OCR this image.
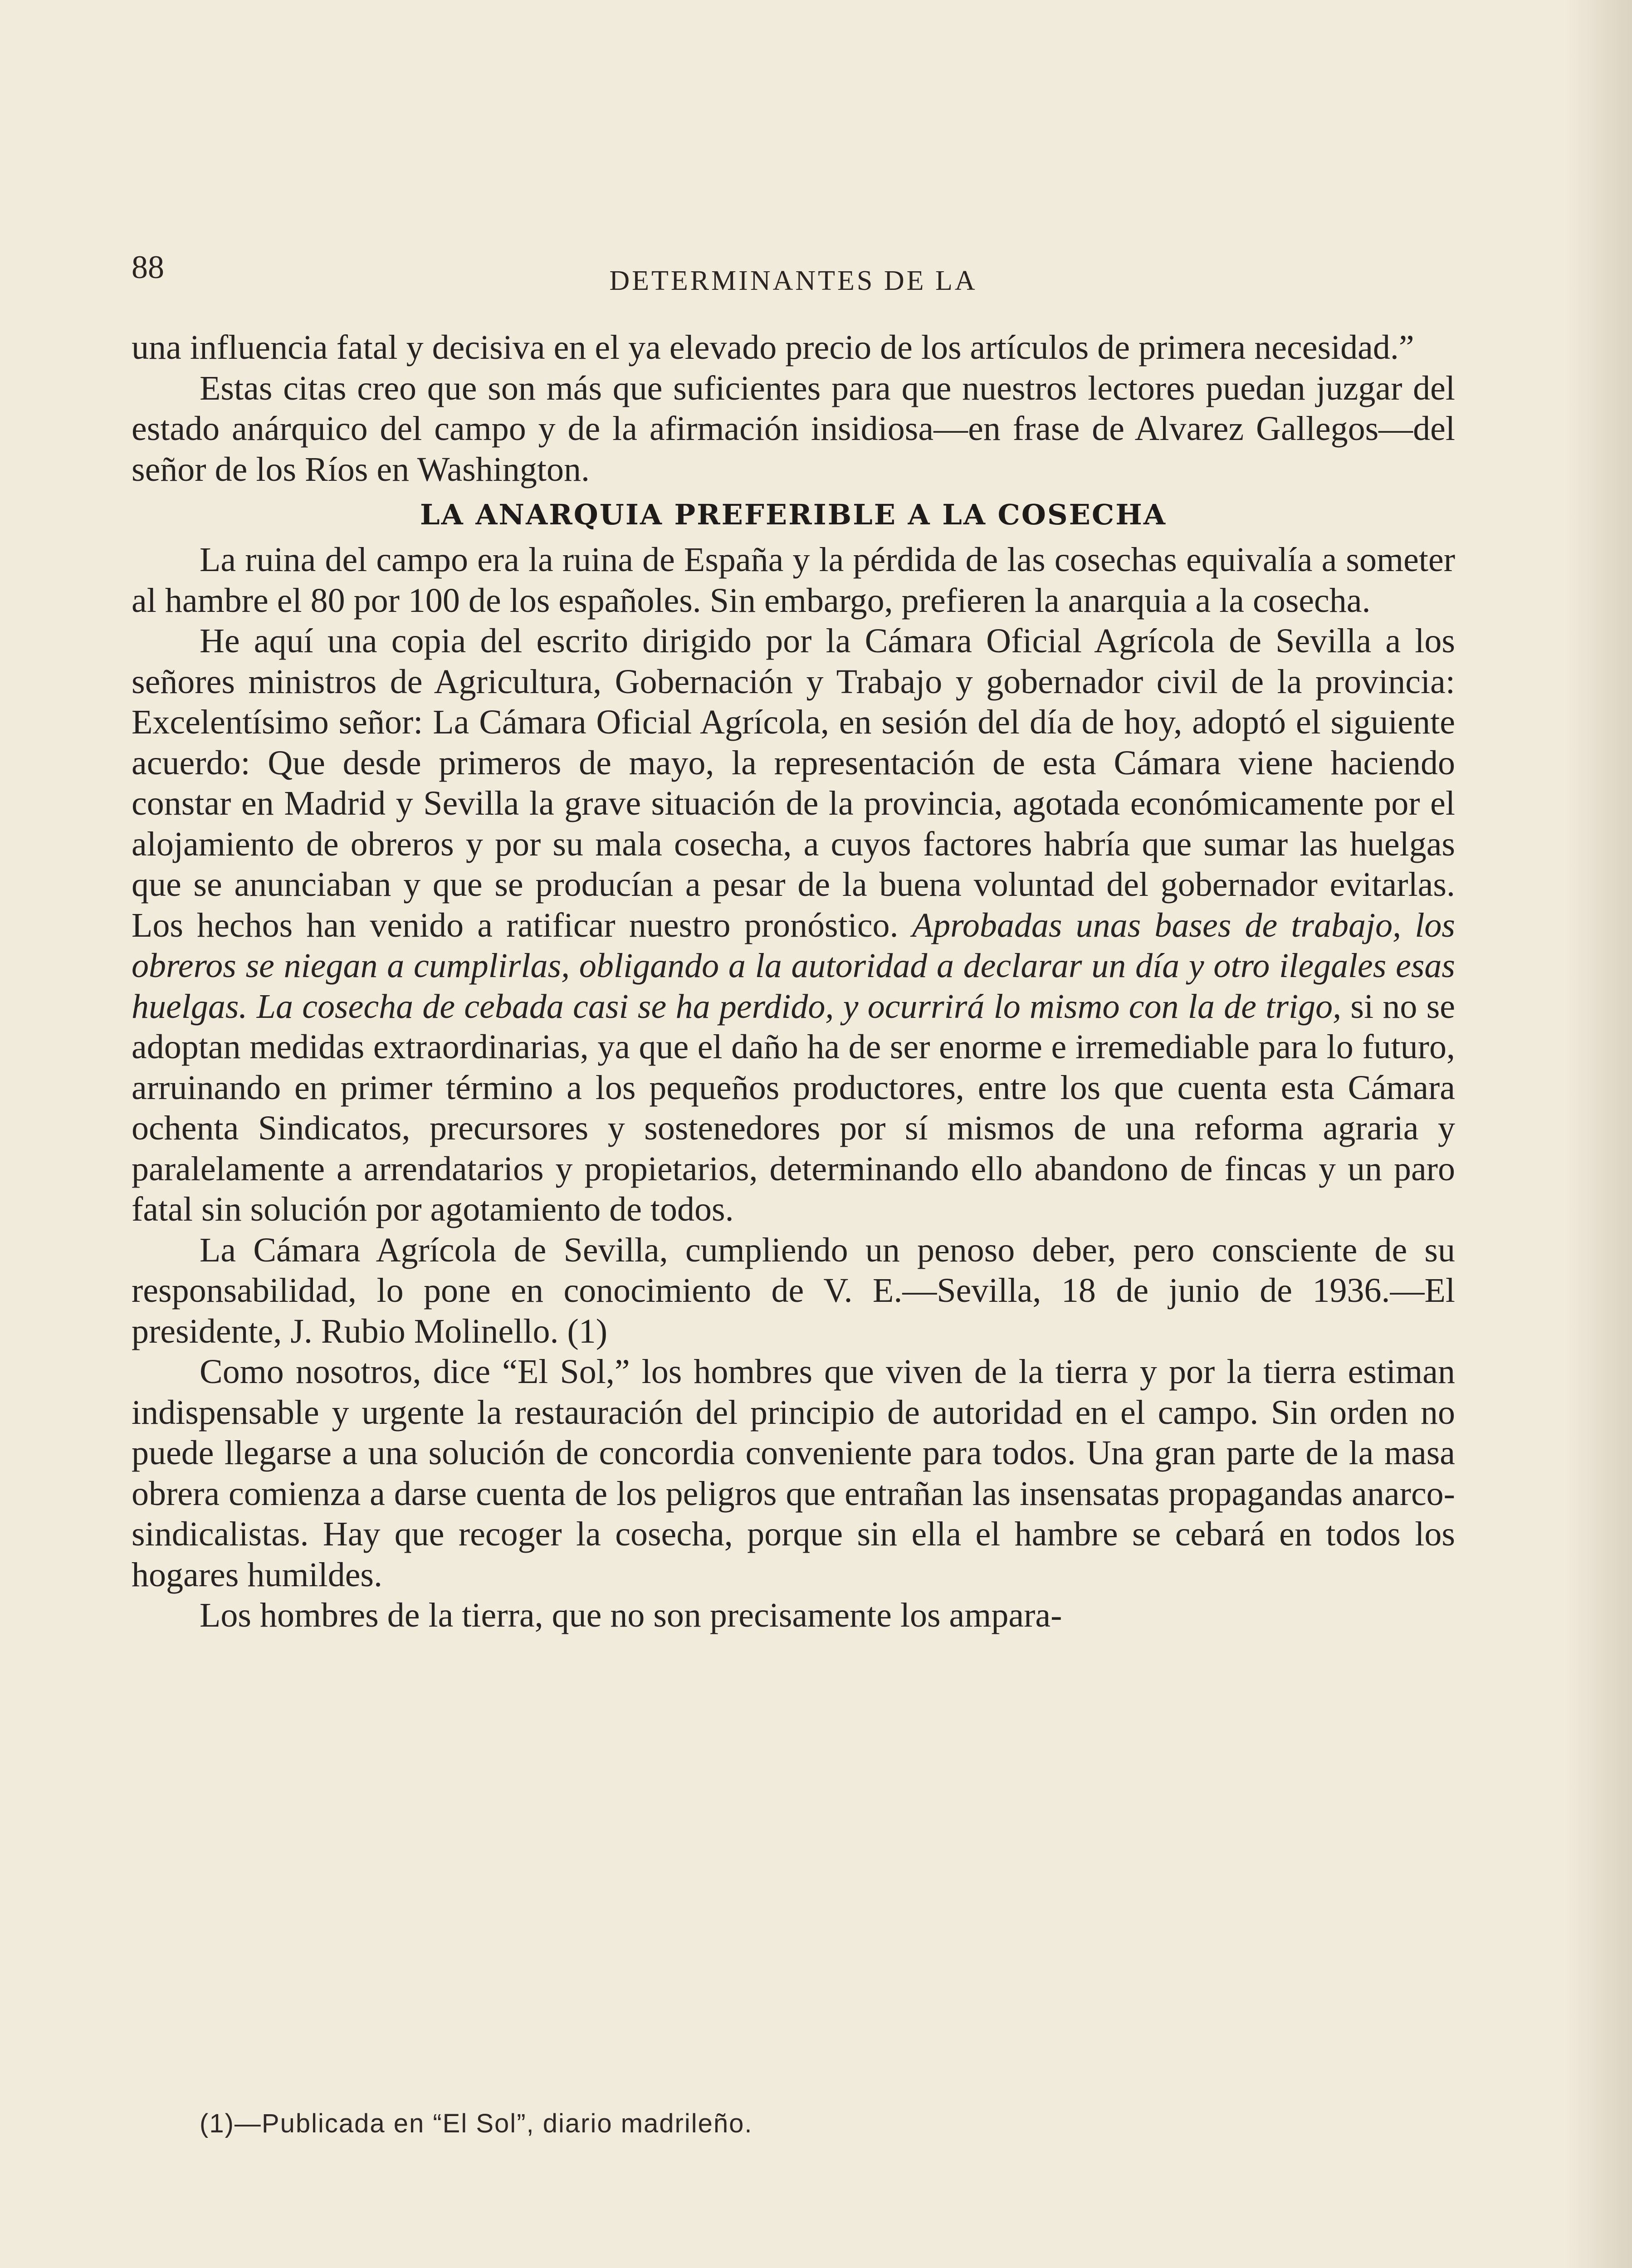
88	DETERMINANTES DE LA

una influencia fatal y decisiva en el ya elevado precio de los artículos de primera necesidad.”

Estas citas creo que son más que suficientes para que nuestros lectores puedan juzgar del estado anárquico del campo y de la afirmación insidiosa—en frase de Alvarez Gallegos—del señor de los Ríos en Washington.

LA ANARQUIA PREFERIBLE A LA COSECHA

La ruina del campo era la ruina de España y la pérdida de las cosechas equivalía a someter al hambre el 80 por 100 de los españoles. Sin embargo, prefieren la anarquia a la cosecha.

He aquí una copia del escrito dirigido por la Cámara Oficial Agrícola de Sevilla a los señores ministros de Agricultura, Gobernación y Trabajo y gobernador civil de la provincia: Excelentísimo señor: La Cámara Oficial Agrícola, en sesión del día de hoy, adoptó el siguiente acuerdo: Que desde primeros de mayo, la representación de esta Cámara viene haciendo constar en Madrid y Sevilla la grave situación de la provincia, agotada económicamente por el alojamiento de obreros y por su mala cosecha, a cuyos factores habría que sumar las huelgas que se anunciaban y que se producían a pesar de la buena voluntad del gobernador evitarlas. Los hechos han venido a ratificar nuestro pronóstico. Aprobadas unas bases de trabajo, los obreros se niegan a cumplirlas, obligando a la autoridad a declarar un día y otro ilegales esas huelgas. La cosecha de cebada casi se ha perdido, y ocurrirá lo mismo con la de trigo, si no se adoptan medidas extraordinarias, ya que el daño ha de ser enorme e irremediable para lo futuro, arruinando en primer término a los pequeños productores, entre los que cuenta esta Cámara ochenta Sindicatos, precursores y sostenedores por sí mismos de una reforma agraria y paralelamente a arrendatarios y propietarios, determinando ello abandono de fincas y un paro fatal sin solución por agotamiento de todos.

La Cámara Agrícola de Sevilla, cumpliendo un penoso deber, pero consciente de su responsabilidad, lo pone en conocimiento de V. E.—Sevilla, 18 de junio de 1936.—El presidente, J. Rubio Molinello. (1)

Como nosotros, dice “El Sol,” los hombres que viven de la tierra y por la tierra estiman indispensable y urgente la restauración del principio de autoridad en el campo. Sin orden no puede llegarse a una solución de concordia conveniente para todos. Una gran parte de la masa obrera comienza a darse cuenta de los peligros que entrañan las insensatas propagandas anarco-sindicalistas. Hay que recoger la cosecha, porque sin ella el hambre se cebará en todos los hogares humildes.

Los hombres de la tierra, que no son precisamente los ampara-

(1)—Publicada en “El Sol”, diario madrileño.
